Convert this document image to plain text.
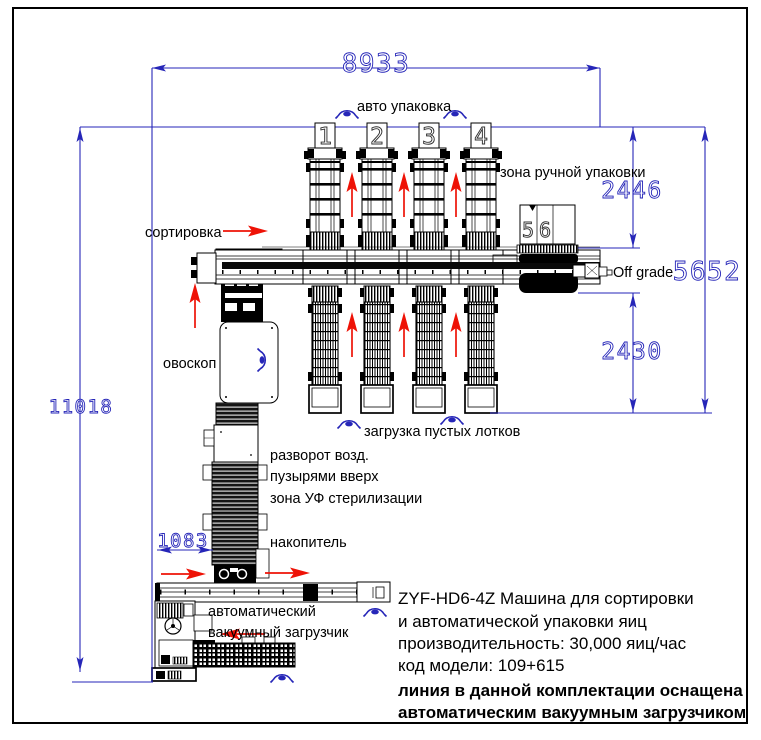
8933
11018
2446
5652
2430
1083
1 2 3 4
5 6
авто упаковка
зона ручной упаковки
сортировка
овоскоп
Off grade
разворот возд.
пузырями вверх
зона УФ стерилизации
загрузка пустых лотков
накопитель
автоматический
вакуумный загрузчик
ZYF-HD6-4Z Машина для сортировки
и автоматической упаковки яиц
производительность: 30,000 яиц/час
код модели: 109+615
линия в данной комплектации оснащена
автоматическим вакуумным загрузчиком
